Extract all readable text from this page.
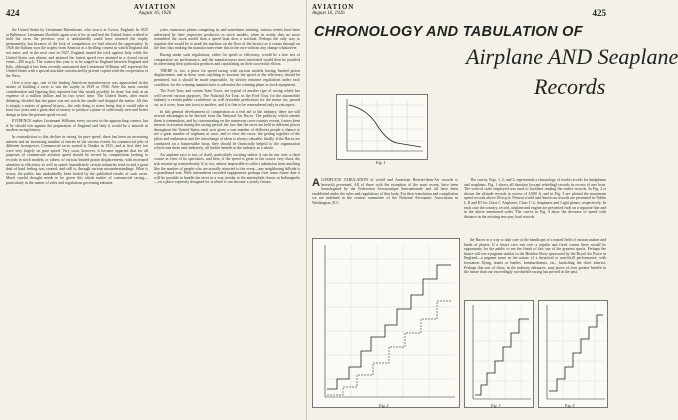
424
AVIATION
August 16, 1926

the United States by Lieutenant Rittenhouse, who won it at Cowes, England. In 1925 at Baltimore, Lieutenant Doolittle again won it for us and had the United States wished to hold the races the previous year it undoubtedly could have retained the trophy permanently, but because of the lack of competition we had refused the opportunity. In 1926 the Italians won the trophy from America in a thrilling contest in which England did not enter, and in the next race in 1927, England turned the trick against Italy while the United States was absent, and attained the fastest speed ever attained in a closed circuit event—285 m.p.h. The contest this year is to be staged in England between England and Italy, although it has been recently announced that Lieutenant Williams will represent the United States with a special machine constructed by private capital with the cooperation of the Navy.

Over a year ago, one of the leading American manufacturers was approached in the matter of building a racer to win the trophy in 1929 or 1930. After the most careful consideration and figuring they reported that this would possibly be done, but only at an expense of a million dollars and in two years' time. The United States, after much debating, decided that the game was not worth the candle and dropped the matter. All this is simply a matter of general history—the only thing to stress being that it would take at least two years and a great deal of money to produce a plane of sufficiently new and better design to beat the present speed record.

EVIDENCE makes Lieutenant Williams every success in the approaching contest, but if he should win against the preparation of England and Italy it would be a miracle in modern racing history.

In contradiction to this decline in racing for pure speed, there has been an increasing interest and an increasing number of entries in the various events for commercial jobs of different horsepower. Commercial races started at Omaha in 1921, and at first they too were very largely on pure speed. Very soon, however, it became apparent that for all purposes of commercial aviation speed should be served by competitions looking to records in stock models, or others, of various limited piston displacements, with increased attention to efficiency as well as speed. Immediately certain industries tried in and a great deal of hard feeling was created, and still is, through various misunderstandings. What is worse, the public has undoubtedly been fooled by the published results of such races. Much careful thought needs to be given this whole matter of commercial racing—particularly in the matter of rules and regulations governing entrants.

years, numerous planes competing in, and sometimes winning, various events have been advertised by their respective producers as stock models, when in reality they no more resembled the stock model than a speed boat does a rowboat. Perhaps the only way to regulate this would be to mark the machine on the floor of the factory as it comes through on the line, thus making the manufacturer enter this in the race without any change whatsoever.

Racing under such regulations, either for speed or efficiency, would be a true test of comparative air performance, and the manufacturers most interested would then be justified in advertising their particular products and capitalizing on their successful efforts.

THERE is, too, a place for speed racing with various models having limited piston displacement, and in these races anything to increase the speed or the efficiency should be permitted, but it should be made impossible, by stricter entrance regulations under each condition, for the winning manufacturer to advertise the winning plane as stock equipment.

The Ford Tour, and certain State Tours, are typical of another type of racing which has well served various purposes. The National Air Tour, as the Ford Tour, for the automobile industry a certain public confidence in, will favorable predictions for the motor car, passed on, as it were, from one town to another, and it is fine to be remembered only in retrospect.

In this general development of competition as a real aid to the industry, there are still several advantages to be derived from the National Air Races. The publicity which attends them is tremendous, and by concentrating on the numerous cross-country events, fosters keen interest in aviation during the racing period; the fact that the races are held in different places throughout the United States each year gives a vast number of different people a chance to see a great number of airplanes at once, and to view the races: the getting together of the pilots and enthusiasts and the interchange of ideas is always valuable; finally, if the Races are conducted on a businesslike basis, they should be financially helpful to the organization which runs them and, indirectly, all further benefit to the industry as a whole.

An airplane race is not, of itself, particularly exciting unless it can be run over a short course in view of its spectators, and here, if the speed is great or the course very short, the risk mounts up tremendously. It is, too, almost impossible to collect admission from anything like the number of people who are actually attracted to the event—any neighboring hillside is a grandstand seat. With intermittent crowded engagement, perhaps over some future date it will be possible to handle the races in a way similar to the automobile classic at Indianapolis —on a place expressly designed for it where it can become a yearly fixture.

AVIATION
August 16, 1926	425
CHRONOLOGY AND TABULATION OF
Airplane AND Seaplane
Records
A COMPLETE TABULATION of world and American Heavier-than-Air records is herewith presented. All of these with the exception of the most recent, have been homologated by the Federation Aeronautique Internationale and all have been established under the rules and regulations of that body. For their translation and compilation we are indebted to the contest committee of the National Aeronautic Association in Washington, D.C.

The curves, Figs. 1, 2, and 3, represented a chronology of world records for landplanes and seaplanes. Fig. 1 shows all duration (except refueling) records in excess of one hour. The vertical scale employed was used to facilitate reading the earlier records. In Fig. 2 is shown the altitude records in excess of 3,000 ft. and in Fig. 3 are plotted the maximum speed records above 40 m.p.h. Present world and American records are presented in Tables I, II and III for Class C Airplanes, Class C-2, Seaplanes and Light planes, respectively. In each case the country, record, airplane and engine are presented each on a separate line and in the above mentioned order. The curves in Fig. 4 show the decrease of speed with distance in the existing zero pay load records.

Fig. 2

the Races in a way to take care of the handicaps of a mixed field of various makes and kinds of planes. If a future race run over a regular and fixed course there would be opportunity for the public to see the finish of this one of the greatest sports. Perhaps the future will see a pageant similar to the Hendon Show sponsored by the Royal Air Force in England—a pageant more in the nature of a theatrical or non-thrill performance, with formation flying, stunts or battles, bombardments, etc., furnishing the chief interest. Perhaps this sort of show, in the industry advances, may prove of ever greater benefit in the future than our exceedingly worthwhile racing has proved in the past.

Fig. 3	Fig. 4
Fig. 1
